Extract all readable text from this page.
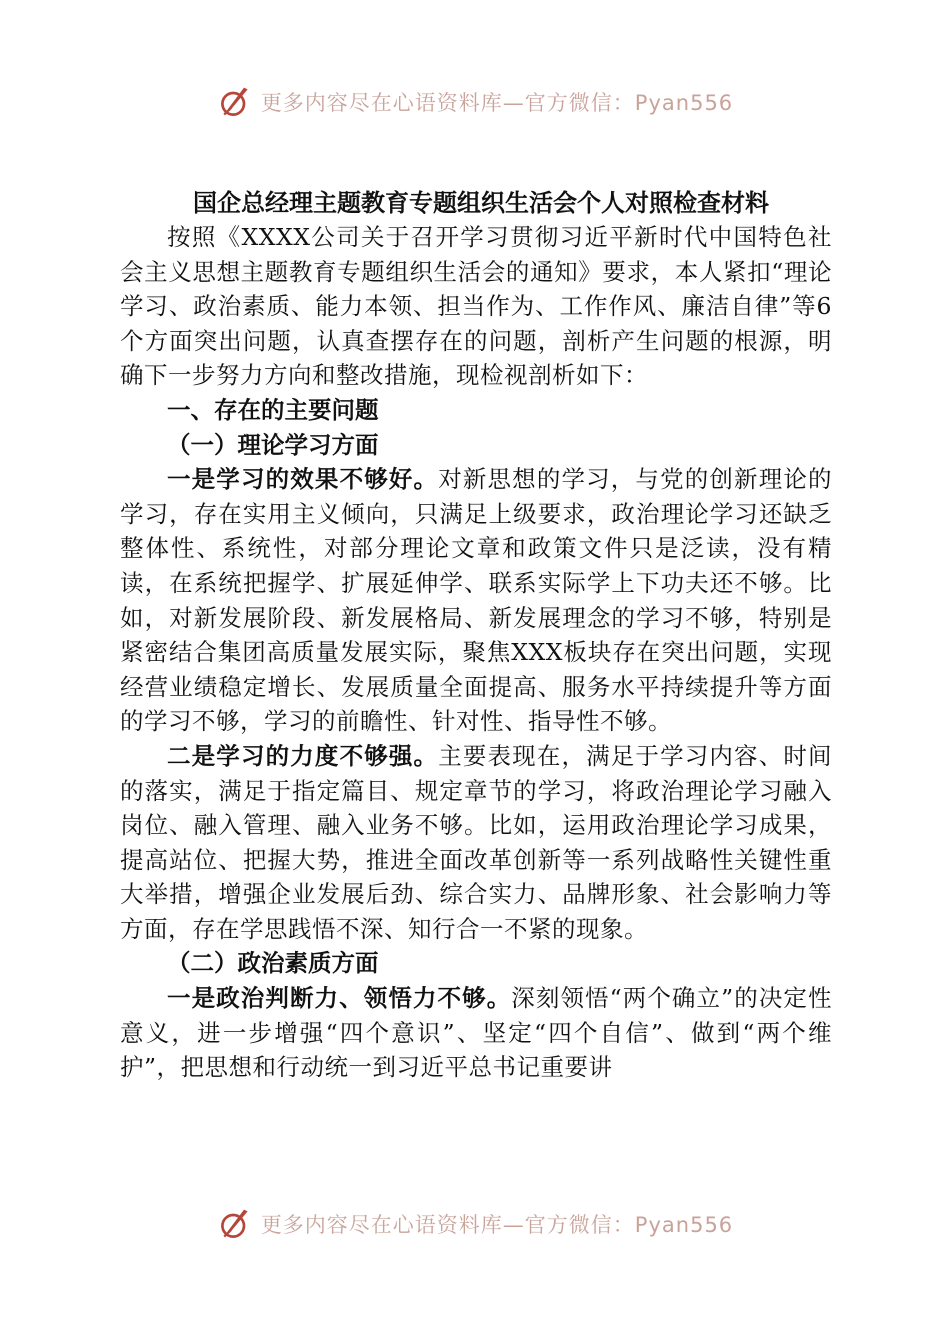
更多内容尽在心语资料库—官方微信：Pyan556
国企总经理主题教育专题组织生活会个人对照检查材料

按照《XXXX公司关于召开学习贯彻习近平新时代中国特色社会主义思想主题教育专题组织生活会的通知》要求，本人紧扣“理论学习、政治素质、能力本领、担当作为、工作作风、廉洁自律”等6个方面突出问题，认真查摆存在的问题，剖析产生问题的根源，明确下一步努力方向和整改措施，现检视剖析如下：

一、存在的主要问题

（一）理论学习方面

一是学习的效果不够好。对新思想的学习，与党的创新理论的学习，存在实用主义倾向，只满足上级要求，政治理论学习还缺乏整体性、系统性，对部分理论文章和政策文件只是泛读，没有精读，在系统把握学、扩展延伸学、联系实际学上下功夫还不够。比如，对新发展阶段、新发展格局、新发展理念的学习不够，特别是紧密结合集团高质量发展实际，聚焦XXX板块存在突出问题，实现经营业绩稳定增长、发展质量全面提高、服务水平持续提升等方面的学习不够，学习的前瞻性、针对性、指导性不够。

二是学习的力度不够强。主要表现在，满足于学习内容、时间的落实，满足于指定篇目、规定章节的学习，将政治理论学习融入岗位、融入管理、融入业务不够。比如，运用政治理论学习成果，提高站位、把握大势，推进全面改革创新等一系列战略性关键性重大举措，增强企业发展后劲、综合实力、品牌形象、社会影响力等方面，存在学思践悟不深、知行合一不紧的现象。

（二）政治素质方面

一是政治判断力、领悟力不够。深刻领悟“两个确立”的决定性意义，进一步增强“四个意识”、坚定“四个自信”、做到“两个维护”，把思想和行动统一到习近平总书记重要讲

更多内容尽在心语资料库—官方微信：Pyan556
